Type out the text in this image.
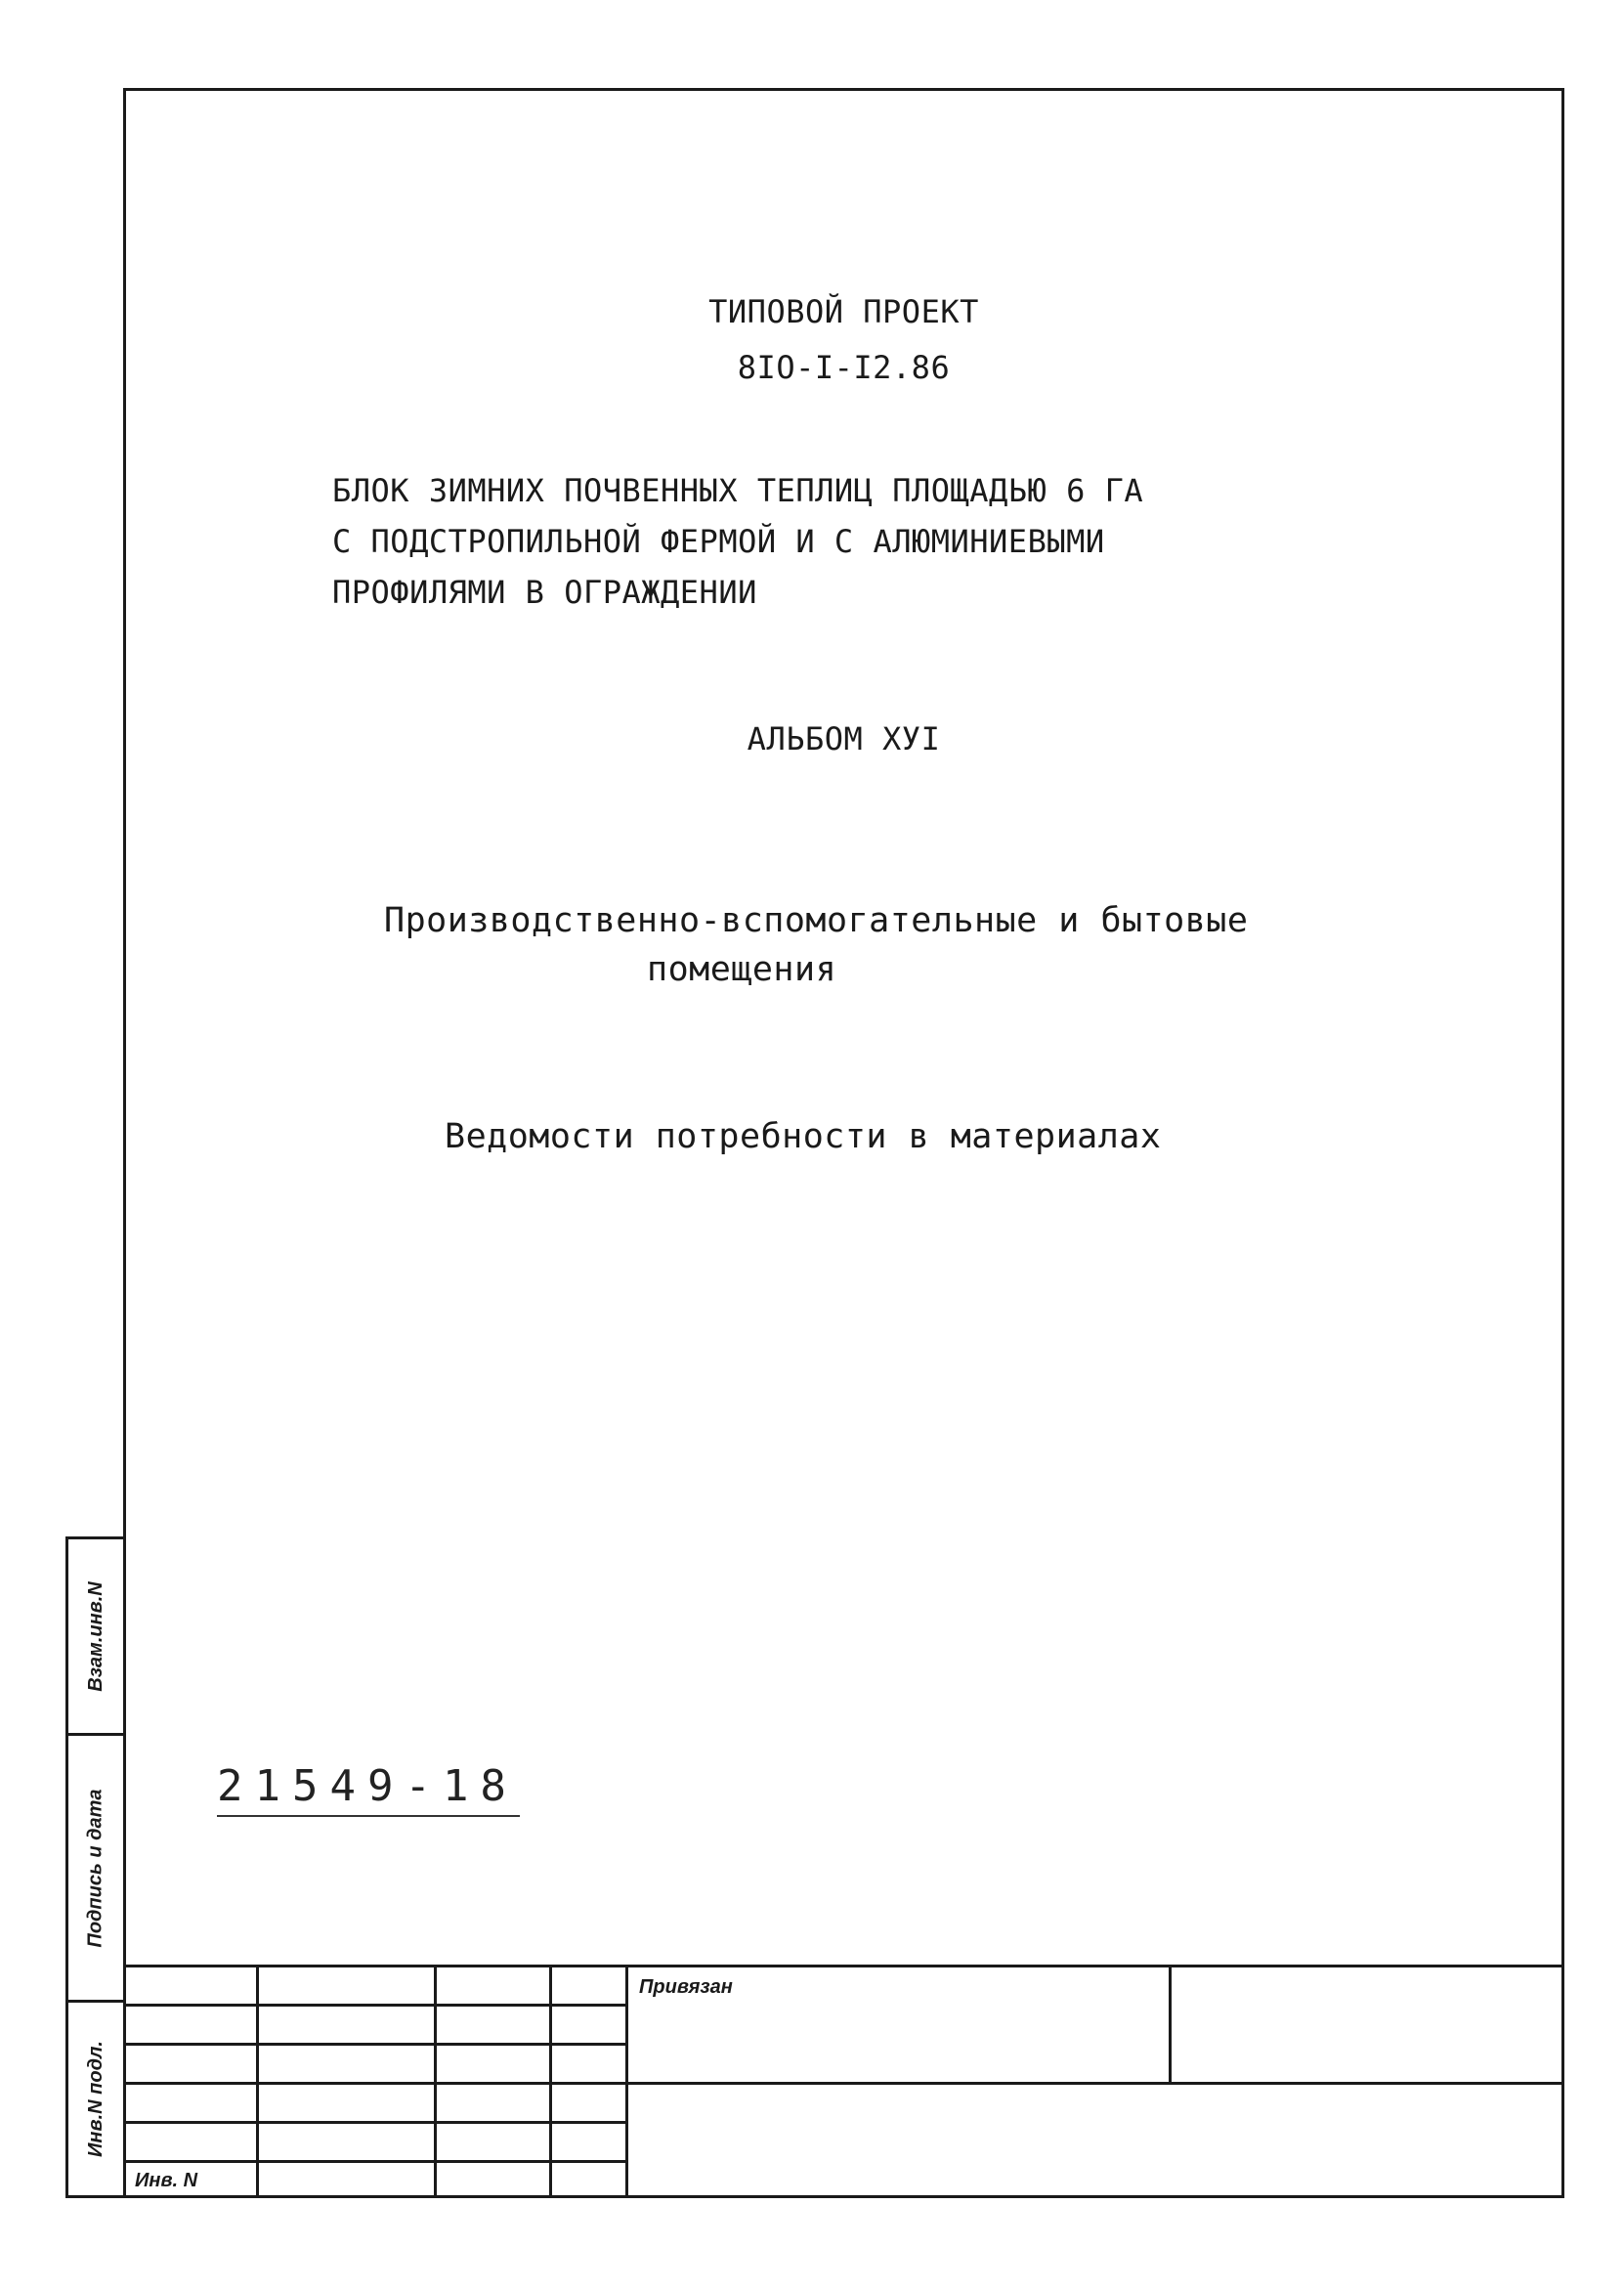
ТИПОВОЙ ПРОЕКТ
8IO-I-I2.86
БЛОК ЗИМНИХ ПОЧВЕННЫХ ТЕПЛИЦ ПЛОЩАДЬЮ 6 ГА
С ПОДСТРОПИЛЬНОЙ ФЕРМОЙ И С АЛЮМИНИЕВЫМИ
ПРОФИЛЯМИ В ОГРАЖДЕНИИ
АЛЬБОМ ХУI
Производственно-вспомогательные и бытовые
помещения
Ведомости потребности в материалах
21549-18
Взам.инв.N
Подпись и дата
Инв.N подл.
Привязан
Инв. N
